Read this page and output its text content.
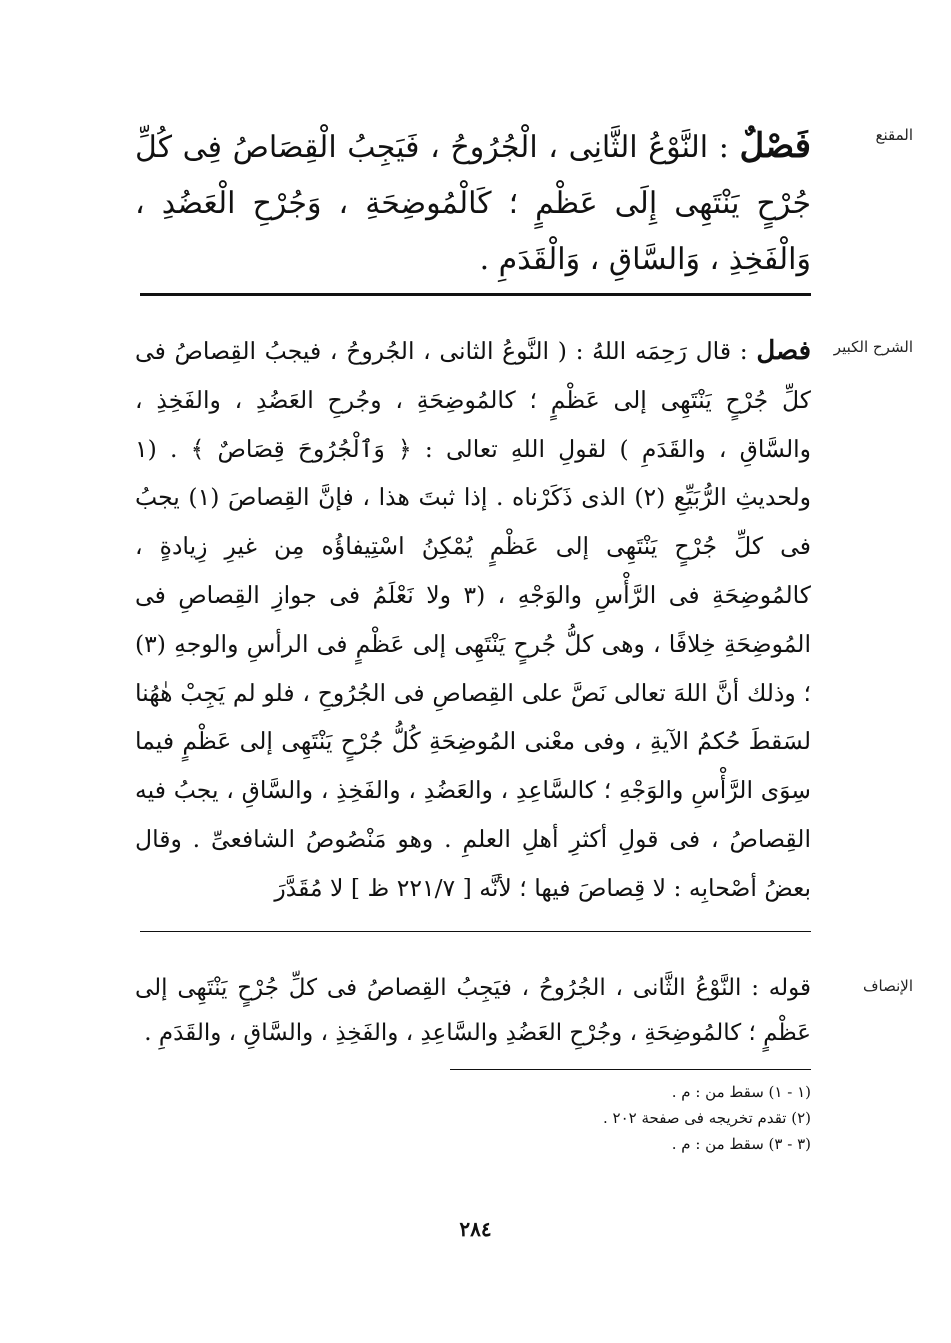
المقنع

فَصْلٌ : النَّوْعُ الثَّانِى ، الْجُرُوحُ ، فَيَجِبُ الْقِصَاصُ فِى كُلِّ جُرْحٍ يَنْتَهِى إِلَى عَظْمٍ ؛ كَالْمُوضِحَةِ ، وَجُرْحِ الْعَضُدِ ، وَالْفَخِذِ ، وَالسَّاقِ ، وَالْقَدَمِ .

الشرح الكبير

فصل : قال رَحِمَه اللهُ : ( النَّوعُ الثانى ، الجُروحُ ، فيجبُ القِصاصُ فى كلِّ جُرْحٍ يَنْتَهِى إلى عَظْمٍ ؛ كالمُوضِحَةِ ، وجُرحِ العَضُدِ ، والفَخِذِ ، والسَّاقِ ، والقَدَمِ ) لقولِ اللهِ تعالى : ﴿ وَٱلْجُرُوحَ قِصَاصٌ ﴾ . (١ ولحديثِ الرُّبَيِّعِ (٢) الذى ذَكَرْناه . إذا ثبتَ هذا ، فإنَّ القِصاصَ (١) يجبُ فى كلِّ جُرْحٍ يَنْتَهِى إلى عَظْمٍ يُمْكِنُ اسْتِيفاؤُه مِن غيرِ زِيادةٍ ، كالمُوضِحَةِ فى الرَّأْسِ والوَجْهِ ، (٣ ولا نَعْلَمُ فى جوازِ القِصاصِ فى المُوضِحَةِ خِلافًا ، وهى كلُّ جُرحٍ يَنْتَهِى إلى عَظْمٍ فى الرأسِ والوجهِ (٣) ؛ وذلك أنَّ اللهَ تعالى نَصَّ على القِصاصِ فى الجُرُوحِ ، فلو لم يَجِبْ هٰهُنا لسَقطَ حُكمُ الآيةِ ، وفى معْنى المُوضِحَةِ كُلُّ جُرْحٍ يَنْتَهِى إلى عَظْمٍ فيما سِوَى الرَّأْسِ والوَجْهِ ؛ كالسَّاعِدِ ، والعَضُدِ ، والفَخِذِ ، والسَّاقِ ، يجبُ فيه القِصاصُ ، فى قولِ أكثرِ أهلِ العلمِ . وهو مَنْصُوصُ الشافعىِّ . وقال بعضُ أصْحابِه : لا قِصاصَ فيها ؛ لأنَّه [ ٢٢١/٧ ظ ] لا مُقَدَّرَ

الإنصاف

قوله : النَّوْعُ الثَّانى ، الجُرُوحُ ، فيَجِبُ القِصاصُ فى كلِّ جُرْحٍ يَنْتَهِى إلى عَظْمٍ ؛ كالمُوضِحَةِ ، وجُرْحِ العَضُدِ والسَّاعِدِ ، والفَخِذِ ، والسَّاقِ ، والقَدَمِ .

(١ - ١) سقط من : م .

(٢) تقدم تخريجه فى صفحة ٢٠٢ .

(٣ - ٣) سقط من : م .

٢٨٤
